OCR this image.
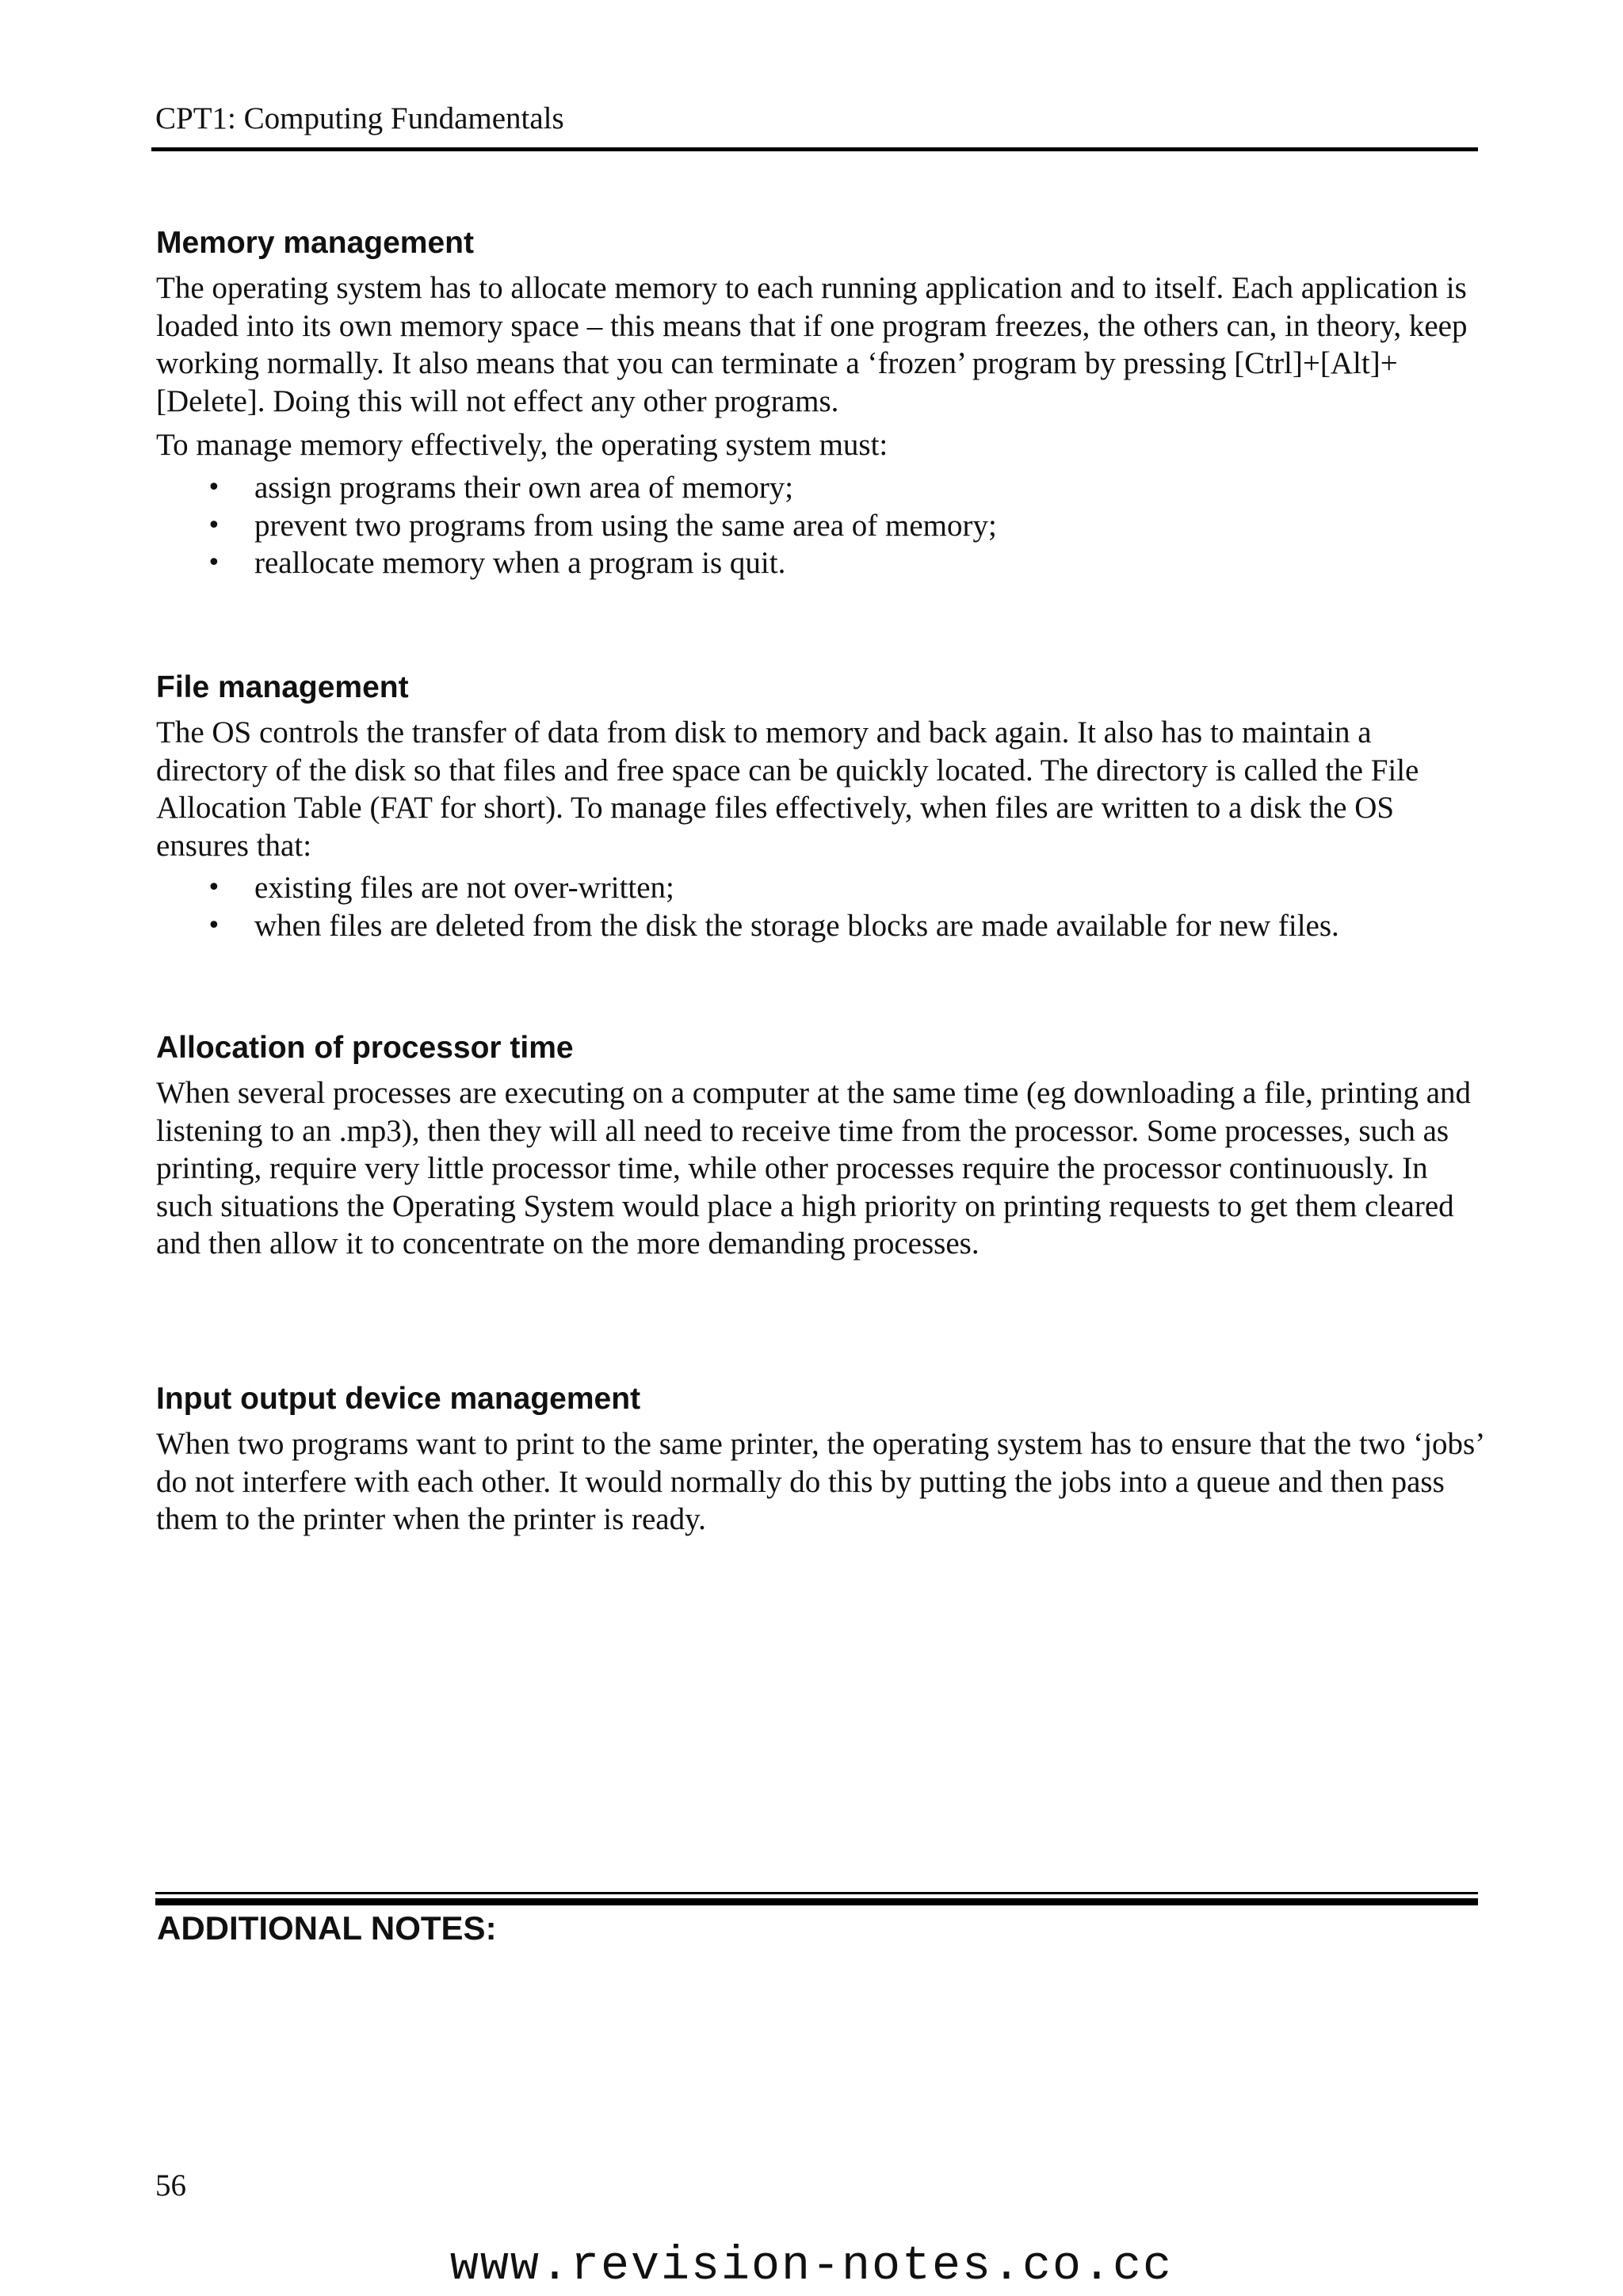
CPT1: Computing Fundamentals
Memory management

The operating system has to allocate memory to each running application and to itself. Each application is loaded into its own memory space – this means that if one program freezes, the others can, in theory, keep working normally. It also means that you can terminate a ‘frozen’ program by pressing [Ctrl]+[Alt]+[Delete]. Doing this will not effect any other programs.

To manage memory effectively, the operating system must:

• assign programs their own area of memory;
• prevent two programs from using the same area of memory;
• reallocate memory when a program is quit.
File management

The OS controls the transfer of data from disk to memory and back again. It also has to maintain a directory of the disk so that files and free space can be quickly located. The directory is called the File Allocation Table (FAT for short). To manage files effectively, when files are written to a disk the OS ensures that:

• existing files are not over-written;
• when files are deleted from the disk the storage blocks are made available for new files.
Allocation of processor time

When several processes are executing on a computer at the same time (eg downloading a file, printing and listening to an .mp3), then they will all need to receive time from the processor. Some processes, such as printing, require very little processor time, while other processes require the processor continuously. In such situations the Operating System would place a high priority on printing requests to get them cleared and then allow it to concentrate on the more demanding processes.

Input output device management

When two programs want to print to the same printer, the operating system has to ensure that the two ‘jobs’ do not interfere with each other. It would normally do this by putting the jobs into a queue and then pass them to the printer when the printer is ready.

ADDITIONAL NOTES:
56
www.revision-notes.co.cc
